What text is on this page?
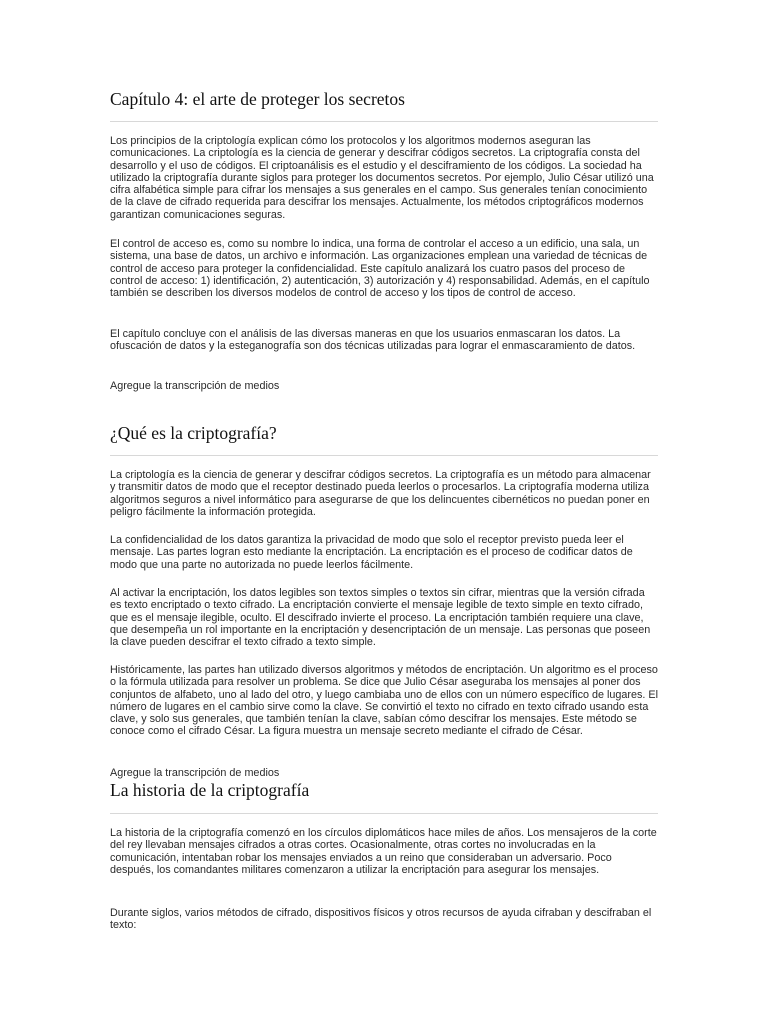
Capítulo 4: el arte de proteger los secretos

Los principios de la criptología explican cómo los protocolos y los algoritmos modernos aseguran las comunicaciones. La criptología es la ciencia de generar y descifrar códigos secretos. La criptografía consta del desarrollo y el uso de códigos. El criptoanálisis es el estudio y el desciframiento de los códigos. La sociedad ha utilizado la criptografía durante siglos para proteger los documentos secretos. Por ejemplo, Julio César utilizó una cifra alfabética simple para cifrar los mensajes a sus generales en el campo. Sus generales tenían conocimiento de la clave de cifrado requerida para descifrar los mensajes. Actualmente, los métodos criptográficos modernos garantizan comunicaciones seguras.

El control de acceso es, como su nombre lo indica, una forma de controlar el acceso a un edificio, una sala, un sistema, una base de datos, un archivo e información. Las organizaciones emplean una variedad de técnicas de control de acceso para proteger la confidencialidad. Este capítulo analizará los cuatro pasos del proceso de control de acceso: 1) identificación, 2) autenticación, 3) autorización y 4) responsabilidad. Además, en el capítulo también se describen los diversos modelos de control de acceso y los tipos de control de acceso.

El capítulo concluye con el análisis de las diversas maneras en que los usuarios enmascaran los datos. La ofuscación de datos y la esteganografía son dos técnicas utilizadas para lograr el enmascaramiento de datos.

Agregue la transcripción de medios
¿Qué es la criptografía?

La criptología es la ciencia de generar y descifrar códigos secretos. La criptografía es un método para almacenar y transmitir datos de modo que el receptor destinado pueda leerlos o procesarlos. La criptografía moderna utiliza algoritmos seguros a nivel informático para asegurarse de que los delincuentes cibernéticos no puedan poner en peligro fácilmente la información protegida.

La confidencialidad de los datos garantiza la privacidad de modo que solo el receptor previsto pueda leer el mensaje. Las partes logran esto mediante la encriptación. La encriptación es el proceso de codificar datos de modo que una parte no autorizada no puede leerlos fácilmente.

Al activar la encriptación, los datos legibles son textos simples o textos sin cifrar, mientras que la versión cifrada es texto encriptado o texto cifrado. La encriptación convierte el mensaje legible de texto simple en texto cifrado, que es el mensaje ilegible, oculto. El descifrado invierte el proceso. La encriptación también requiere una clave, que desempeña un rol importante en la encriptación y desencriptación de un mensaje. Las personas que poseen la clave pueden descifrar el texto cifrado a texto simple.

Históricamente, las partes han utilizado diversos algoritmos y métodos de encriptación. Un algoritmo es el proceso o la fórmula utilizada para resolver un problema. Se dice que Julio César aseguraba los mensajes al poner dos conjuntos de alfabeto, uno al lado del otro, y luego cambiaba uno de ellos con un número específico de lugares. El número de lugares en el cambio sirve como la clave. Se convirtió el texto no cifrado en texto cifrado usando esta clave, y solo sus generales, que también tenían la clave, sabían cómo descifrar los mensajes. Este método se conoce como el cifrado César. La figura muestra un mensaje secreto mediante el cifrado de César.

Agregue la transcripción de medios
La historia de la criptografía

La historia de la criptografía comenzó en los círculos diplomáticos hace miles de años. Los mensajeros de la corte del rey llevaban mensajes cifrados a otras cortes. Ocasionalmente, otras cortes no involucradas en la comunicación, intentaban robar los mensajes enviados a un reino que consideraban un adversario. Poco después, los comandantes militares comenzaron a utilizar la encriptación para asegurar los mensajes.

Durante siglos, varios métodos de cifrado, dispositivos físicos y otros recursos de ayuda cifraban y descifraban el texto:
